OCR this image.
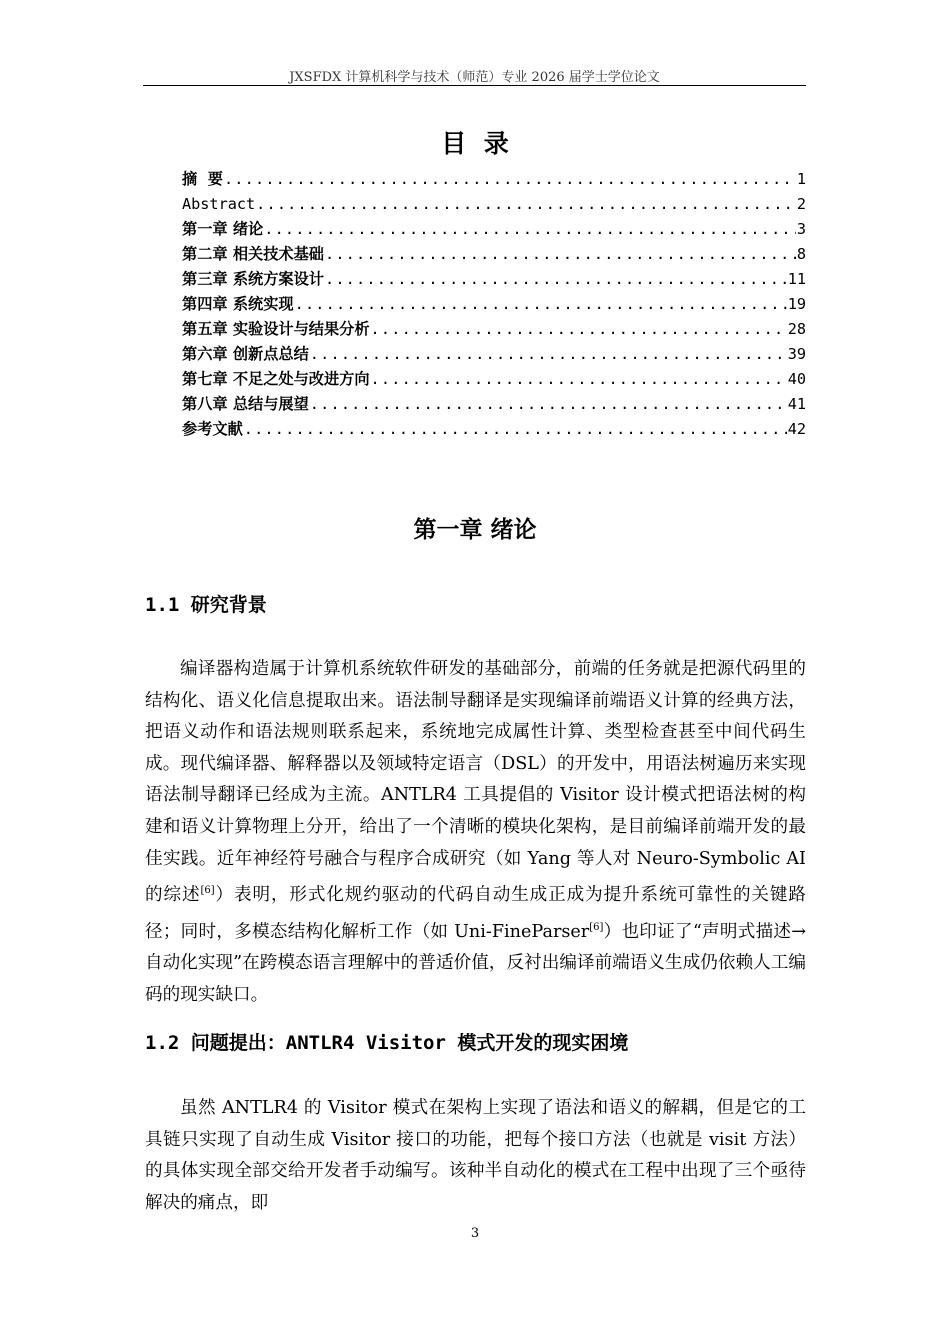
JXSFDX 计算机科学与技术（师范）专业 2026 届学士学位论文
目  录
摘  要 .....	1
Abstract .....	2
第一章 绪论 .....	3
第二章 相关技术基础 .....	8
第三章 系统方案设计 .....	11
第四章 系统实现 .....	19
第五章 实验设计与结果分析 .....	28
第六章 创新点总结 .....	39
第七章 不足之处与改进方向 .....	40
第八章 总结与展望 .....	41
参考文献 .....	42
第一章 绪论
1.1 研究背景

编译器构造属于计算机系统软件研发的基础部分，前端的任务就是把源代码里的结构化、语义化信息提取出来。语法制导翻译是实现编译前端语义计算的经典方法，把语义动作和语法规则联系起来，系统地完成属性计算、类型检查甚至中间代码生成。现代编译器、解释器以及领域特定语言（DSL）的开发中，用语法树遍历来实现语法制导翻译已经成为主流。ANTLR4 工具提倡的 Visitor 设计模式把语法树的构建和语义计算物理上分开，给出了一个清晰的模块化架构，是目前编译前端开发的最佳实践。近年神经符号融合与程序合成研究（如 Yang 等人对 Neuro-Symbolic AI 的综述[6]）表明，形式化规约驱动的代码自动生成正成为提升系统可靠性的关键路径；同时，多模态结构化解析工作（如 Uni-FineParser[6]）也印证了“声明式描述→自动化实现”在跨模态语言理解中的普适价值，反衬出编译前端语义生成仍依赖人工编码的现实缺口。

1.2 问题提出：ANTLR4 Visitor 模式开发的现实困境

虽然 ANTLR4 的 Visitor 模式在架构上实现了语法和语义的解耦，但是它的工具链只实现了自动生成 Visitor 接口的功能，把每个接口方法（也就是 visit 方法）的具体实现全部交给开发者手动编写。该种半自动化的模式在工程中出现了三个亟待解决的痛点，即

3
